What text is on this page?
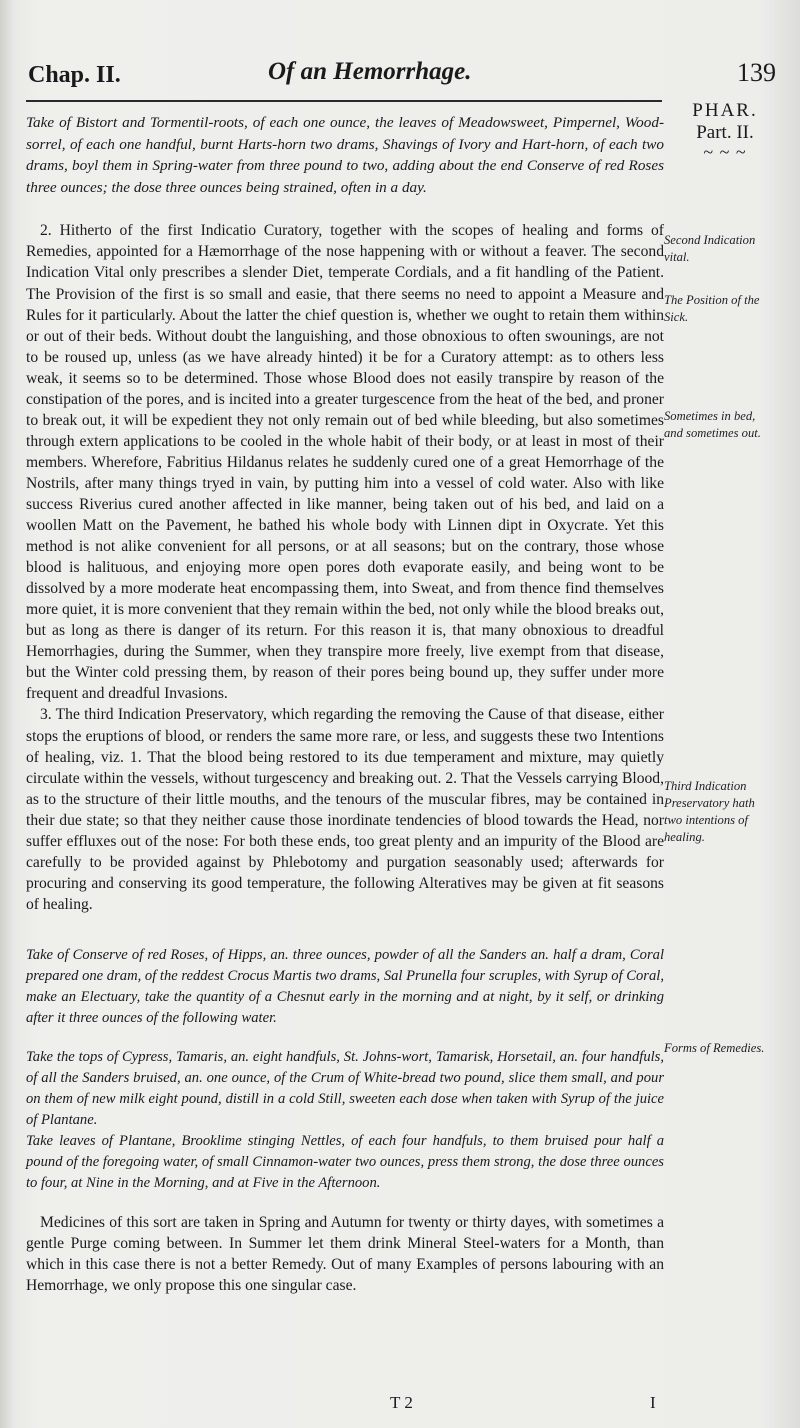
Chap. II.	Of an Hemorrhage.	139
PHAR.
Part. II.
~ ~ ~

Take of Bistort and Tormentil-roots, of each one ounce, the leaves of Meadowsweet, Pimpernel, Wood-sorrel, of each one handful, burnt Harts-horn two drams, Shavings of Ivory and Hart-horn, of each two drams, boyl them in Spring-water from three pound to two, adding about the end Conserve of red Roses three ounces; the dose three ounces being strained, often in a day.

2. Hitherto of the first Indicatio Curatory, together with the scopes of healing and forms of Remedies, appointed for a Hæmorrhage of the nose happening with or without a feaver. The second Indication Vital only prescribes a slender Diet, temperate Cordials, and a fit handling of the Patient. The Provision of the first is so small and easie, that there seems no need to appoint a Measure and Rules for it particularly. About the latter the chief question is, whether we ought to retain them within or out of their beds. Without doubt the languishing, and those obnoxious to often swounings, are not to be roused up, unless (as we have already hinted) it be for a Curatory attempt: as to others less weak, it seems so to be determined. Those whose Blood does not easily transpire by reason of the constipation of the pores, and is incited into a greater turgescence from the heat of the bed, and proner to break out, it will be expedient they not only remain out of bed while bleeding, but also sometimes through extern applications to be cooled in the whole habit of their body, or at least in most of their members. Wherefore, Fabritius Hildanus relates he suddenly cured one of a great Hemorrhage of the Nostrils, after many things tryed in vain, by putting him into a vessel of cold water. Also with like success Riverius cured another affected in like manner, being taken out of his bed, and laid on a woollen Matt on the Pavement, he bathed his whole body with Linnen dipt in Oxycrate. Yet this method is not alike convenient for all persons, or at all seasons; but on the contrary, those whose blood is halituous, and enjoying more open pores doth evaporate easily, and being wont to be dissolved by a more moderate heat encompassing them, into Sweat, and from thence find themselves more quiet, it is more convenient that they remain within the bed, not only while the blood breaks out, but as long as there is danger of its return. For this reason it is, that many obnoxious to dreadful Hemorrhagies, during the Summer, when they transpire more freely, live exempt from that disease, but the Winter cold pressing them, by reason of their pores being bound up, they suffer under more frequent and dreadful Invasions.

3. The third Indication Preservatory, which regarding the removing the Cause of that disease, either stops the eruptions of blood, or renders the same more rare, or less, and suggests these two Intentions of healing, viz. 1. That the blood being restored to its due temperament and mixture, may quietly circulate within the vessels, without turgescency and breaking out. 2. That the Vessels carrying Blood, as to the structure of their little mouths, and the tenours of the muscular fibres, may be contained in their due state; so that they neither cause those inordinate tendencies of blood towards the Head, nor suffer effluxes out of the nose: For both these ends, too great plenty and an impurity of the Blood are carefully to be provided against by Phlebotomy and purgation seasonably used; afterwards for procuring and conserving its good temperature, the following Alteratives may be given at fit seasons of healing.

Take of Conserve of red Roses, of Hipps, an. three ounces, powder of all the Sanders an. half a dram, Coral prepared one dram, of the reddest Crocus Martis two drams, Sal Prunella four scruples, with Syrup of Coral, make an Electuary, take the quantity of a Chesnut early in the morning and at night, by it self, or drinking after it three ounces of the following water.

Take the tops of Cypress, Tamaris, an. eight handfuls, St. Johns-wort, Tamarisk, Horsetail, an. four handfuls, of all the Sanders bruised, an. one ounce, of the Crum of White-bread two pound, slice them small, and pour on them of new milk eight pound, distill in a cold Still, sweeten each dose when taken with Syrup of the juice of Plantane.

Take leaves of Plantane, Brooklime stinging Nettles, of each four handfuls, to them bruised pour half a pound of the foregoing water, of small Cinnamon-water two ounces, press them strong, the dose three ounces to four, at Nine in the Morning, and at Five in the Afternoon.

Medicines of this sort are taken in Spring and Autumn for twenty or thirty dayes, with sometimes a gentle Purge coming between. In Summer let them drink Mineral Steel-waters for a Month, than which in this case there is not a better Remedy. Out of many Examples of persons labouring with an Hemorrhage, we only propose this one singular case.

Second Indication vital.
The Position of the Sick.
Sometimes in bed, and sometimes out.
Third Indication Preservatory hath two intentions of healing.
Forms of Remedies.
T 2	I
